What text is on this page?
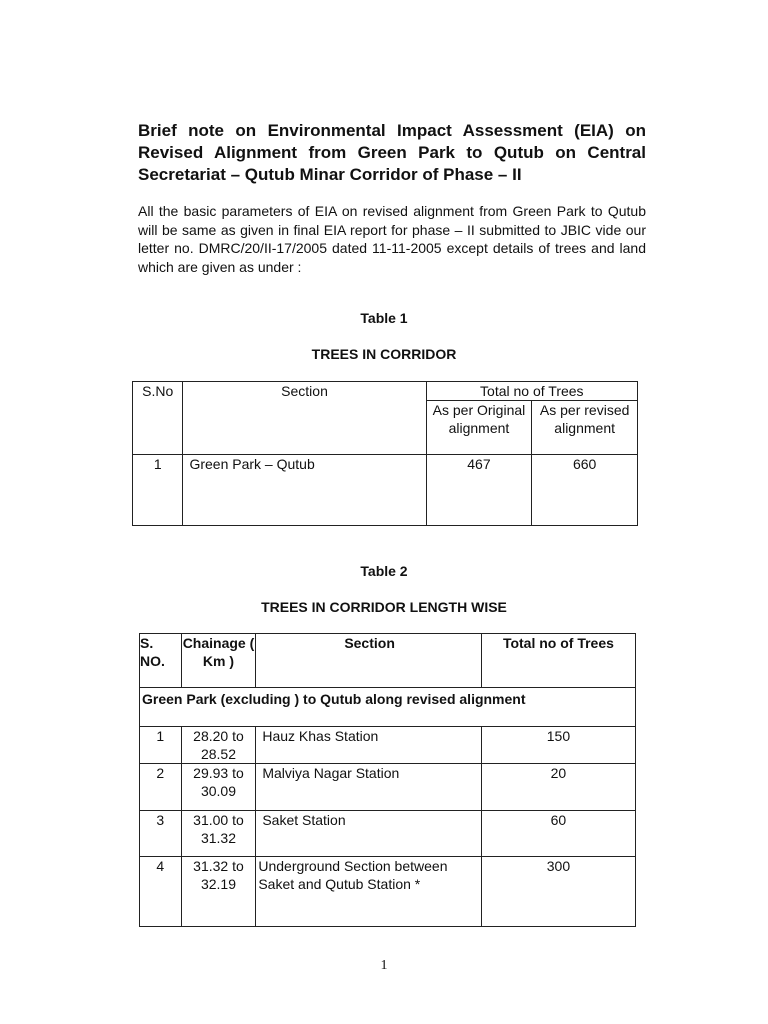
Brief note on Environmental Impact Assessment (EIA) on Revised Alignment from Green Park to Qutub on Central Secretariat – Qutub Minar Corridor of Phase – II

All the basic parameters of EIA on revised alignment from Green Park to Qutub will be same as given in final EIA report for phase – II submitted to JBIC vide our letter no. DMRC/20/II-17/2005 dated 11-11-2005 except details of trees and land which are given as under :

Table 1

TREES IN CORRIDOR

S.No	Section	Total no of Trees	
		As per Original alignment	As per revised alignment
1	Green Park – Qutub	467	660

Table 2

TREES IN CORRIDOR LENGTH WISE

S. NO.	Chainage ( Km )	Section	Total no of Trees
Green Park (excluding ) to Qutub along revised alignment			
1	28.20 to 28.52	Hauz Khas Station	150
2	29.93 to 30.09	Malviya Nagar Station	20
3	31.00 to 31.32	Saket Station	60
4	31.32 to 32.19	Underground Section between Saket and Qutub Station *	300
1
